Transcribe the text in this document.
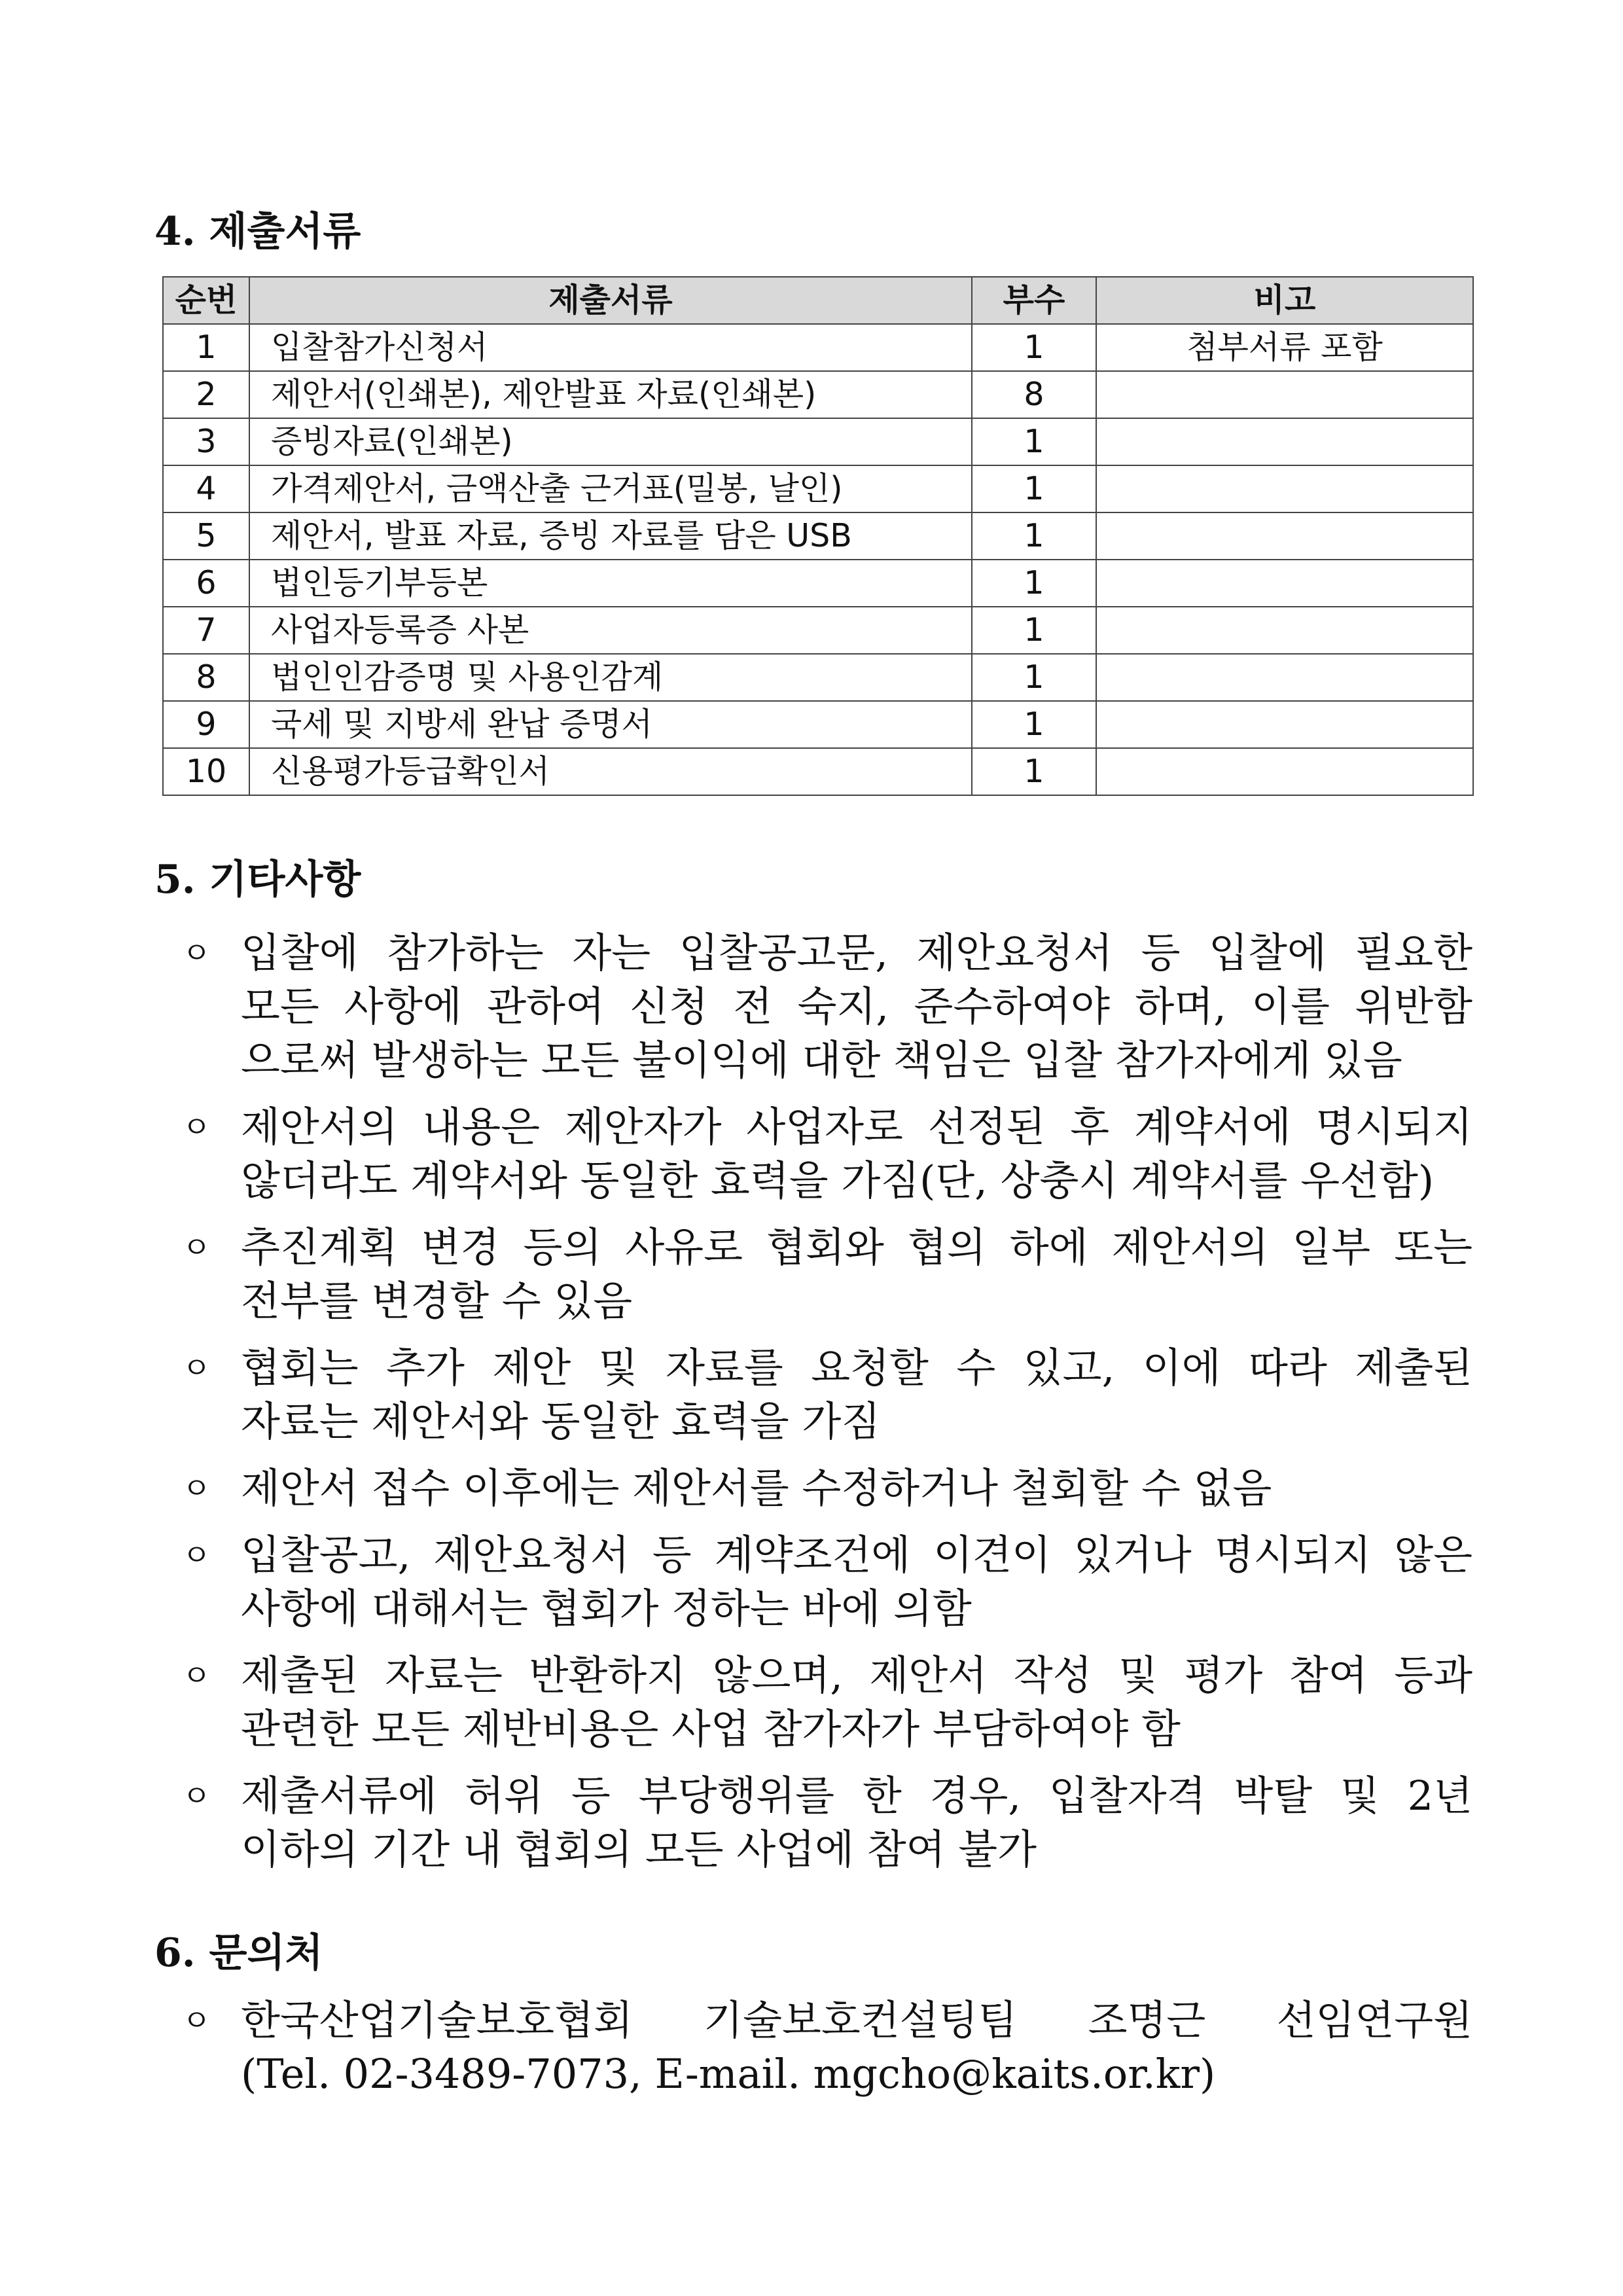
4. 제출서류
순번	제출서류	부수	비고
1	입찰참가신청서	1	첨부서류 포함
2	제안서(인쇄본), 제안발표 자료(인쇄본)	8	
3	증빙자료(인쇄본)	1	
4	가격제안서, 금액산출 근거표(밀봉, 날인)	1	
5	제안서, 발표 자료, 증빙 자료를 담은 USB	1	
6	법인등기부등본	1	
7	사업자등록증 사본	1	
8	법인인감증명 및 사용인감계	1	
9	국세 및 지방세 완납 증명서	1	
10	신용평가등급확인서	1	
5. 기타사항
ㅇ 입찰에 참가하는 자는 입찰공고문, 제안요청서 등 입찰에 필요한
모든 사항에 관하여 신청 전 숙지, 준수하여야 하며, 이를 위반함
으로써 발생하는 모든 불이익에 대한 책임은 입찰 참가자에게 있음
ㅇ 제안서의 내용은 제안자가 사업자로 선정된 후 계약서에 명시되지
않더라도 계약서와 동일한 효력을 가짐(단, 상충시 계약서를 우선함)
ㅇ 추진계획 변경 등의 사유로 협회와 협의 하에 제안서의 일부 또는
전부를 변경할 수 있음
ㅇ 협회는 추가 제안 및 자료를 요청할 수 있고, 이에 따라 제출된
자료는 제안서와 동일한 효력을 가짐
ㅇ 제안서 접수 이후에는 제안서를 수정하거나 철회할 수 없음
ㅇ 입찰공고, 제안요청서 등 계약조건에 이견이 있거나 명시되지 않은
사항에 대해서는 협회가 정하는 바에 의함
ㅇ 제출된 자료는 반환하지 않으며, 제안서 작성 및 평가 참여 등과
관련한 모든 제반비용은 사업 참가자가 부담하여야 함
ㅇ 제출서류에 허위 등 부당행위를 한 경우, 입찰자격 박탈 및 2년
이하의 기간 내 협회의 모든 사업에 참여 불가
6. 문의처
ㅇ 한국산업기술보호협회 기술보호컨설팅팀 조명근 선임연구원
(Tel. 02-3489-7073, E-mail. mgcho@kaits.or.kr)
